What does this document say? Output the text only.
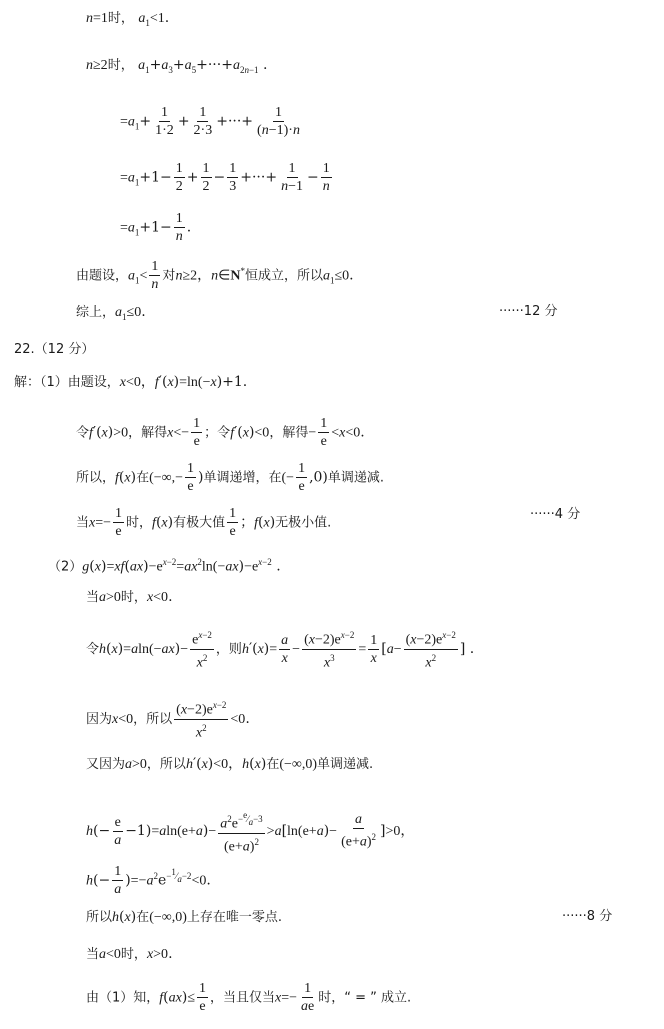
n=1时， $a_1<1$.
n≥2时， $a_1+a_3+a_5+\cdot\cdot\cdot+a_{2n-1}$ .
$=a_1+ \frac{1}{1\cdot 2} + \frac{1}{2\cdot 3}$ +···+ $\frac{1}{(n-1)\cdot n}$
$=a_1+1- \frac{1}{2} + \frac{1}{2} - \frac{1}{3}$ +···+ $\frac{1}{n-1} - \frac{1}{n}$
$=a_1+1- \frac{1}{n}$ .
由题设，$a_1< \frac{1}{n}$ 对n≥2，n∈N*恒成立，所以$a_1\le 0$.
综上，$a_1\le 0$.	······12 分
22.（12 分）
解：（1）由题设，x<0，f′(x)=ln(−x)+1.
令f′(x)>0，解得$x<- \frac{1}{e}$ ；令f′(x)<0，解得− $\frac{1}{e} <x<0$.
所以，f(x)在(−∞,− $\frac{1}{e}$ )单调递增，在(− $\frac{1}{e} ,0$)单调递减.
当$x=- \frac{1}{e}$ 时，f(x)有极大值 $\frac{1}{e}$ ；f(x)无极小值.
······4 分
$(2)g(x)=xf(ax)-e^{x-2}=ax^2\ln(-ax)-e^{x-2}$ .
当a>0时，x<0.
令$h(x)=aln(-ax)- \frac{e^{x-2}}{x^2}$ ，则$h'(x)= \frac{a}{x} - \frac{(x-2)e^{x-2}}{x^3} = \frac{1}{x} [a- \frac{(x-2)e^{x-2}}{x^2}$ ] .
因为x<0，所以 $\frac{(x-2)e^{x-2}}{x^2} <0$.
又因为a>0，所以h′(x)<0，h(x)在(−∞,0)单调递减.
$h(- \frac{e}{a} -1)=aln(e+a)- \frac{a^2e^{-^e⁄_a-3}}{(e+a)^2} >a[\ln(e+a)- \frac{a}{(e+a)^2} ]>0$，
$h(- \frac{1}{a} )=-a^2e^{-^1⁄_a-2}<0$.
所以h(x)在(−∞,0)上存在唯一零点.	······8 分
当a<0时，x>0.
由（1）知，$f(ax)\le \frac{1}{e}$ ，当且仅当$x=- \frac{1}{ae}$ 时，“ = ” 成立.
